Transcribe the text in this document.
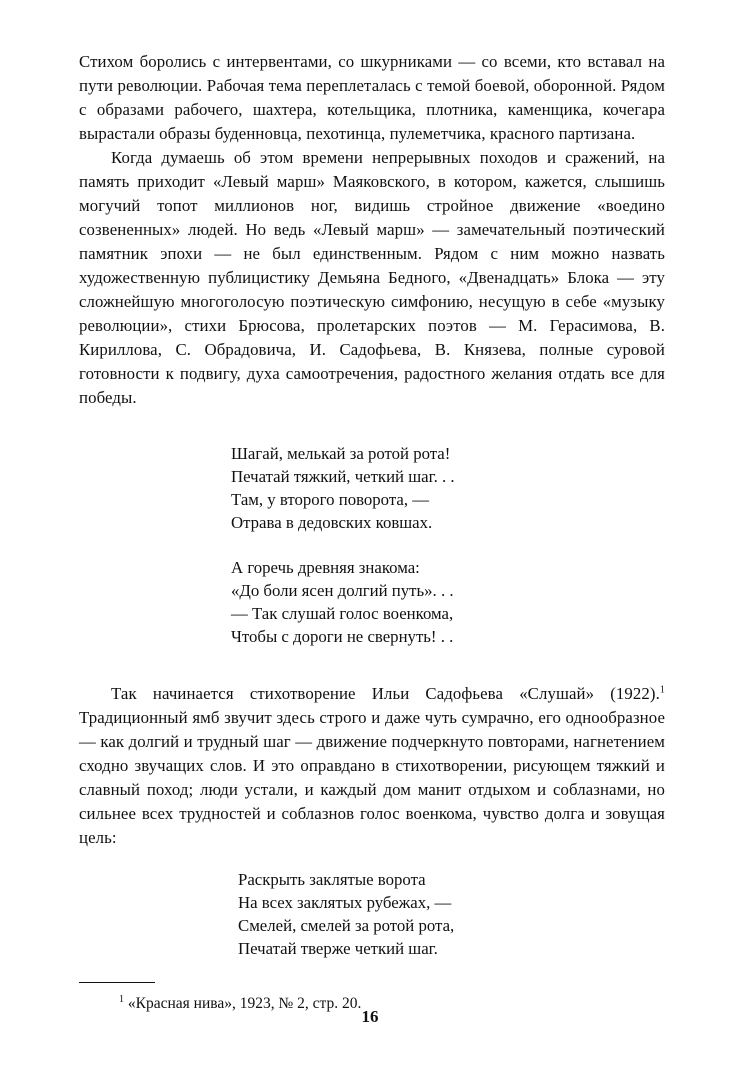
Стихом боролись с интервентами, со шкурниками — со всеми, кто вставал на пути революции. Рабочая тема переплеталась с темой боевой, оборонной. Рядом с образами рабочего, шахтера, котельщика, плотника, каменщика, кочегара вырастали образы буденновца, пехотинца, пулеметчика, красного партизана.

Когда думаешь об этом времени непрерывных походов и сражений, на память приходит «Левый марш» Маяковского, в котором, кажется, слышишь могучий топот миллионов ног, видишь стройное движение «воедино созвененных» людей. Но ведь «Левый марш» — замечательный поэтический памятник эпохи — не был единственным. Рядом с ним можно назвать художественную публицистику Демьяна Бедного, «Двенадцать» Блока — эту сложнейшую многоголосую поэтическую симфонию, несущую в себе «музыку революции», стихи Брюсова, пролетарских поэтов — М. Герасимова, В. Кириллова, С. Обрадовича, И. Садофьева, В. Князева, полные суровой готовности к подвигу, духа самоотречения, радостного желания отдать все для победы.

Шагай, мелькай за ротой рота!
Печатай тяжкий, четкий шаг. . .
Там, у второго поворота, —
Отрава в дедовских ковшах.

А горечь древняя знакома:
«До боли ясен долгий путь». . .
— Так слушай голос военкома,
Чтобы с дороги не свернуть! . .

Так начинается стихотворение Ильи Садофьева «Слушай» (1922).$^1$ Традиционный ямб звучит здесь строго и даже чуть сумрачно, его однообразное — как долгий и трудный шаг — движение подчеркнуто повторами, нагнетением сходно звучащих слов. И это оправдано в стихотворении, рисующем тяжкий и славный поход; люди устали, и каждый дом манит отдыхом и соблазнами, но сильнее всех трудностей и соблазнов голос военкома, чувство долга и зовущая цель:

Раскрыть заклятые ворота
На всех заклятых рубежах, —
Смелей, смелей за ротой рота,
Печатай тверже четкий шаг.

$^1$ «Красная нива», 1923, № 2, стр. 20.

16
